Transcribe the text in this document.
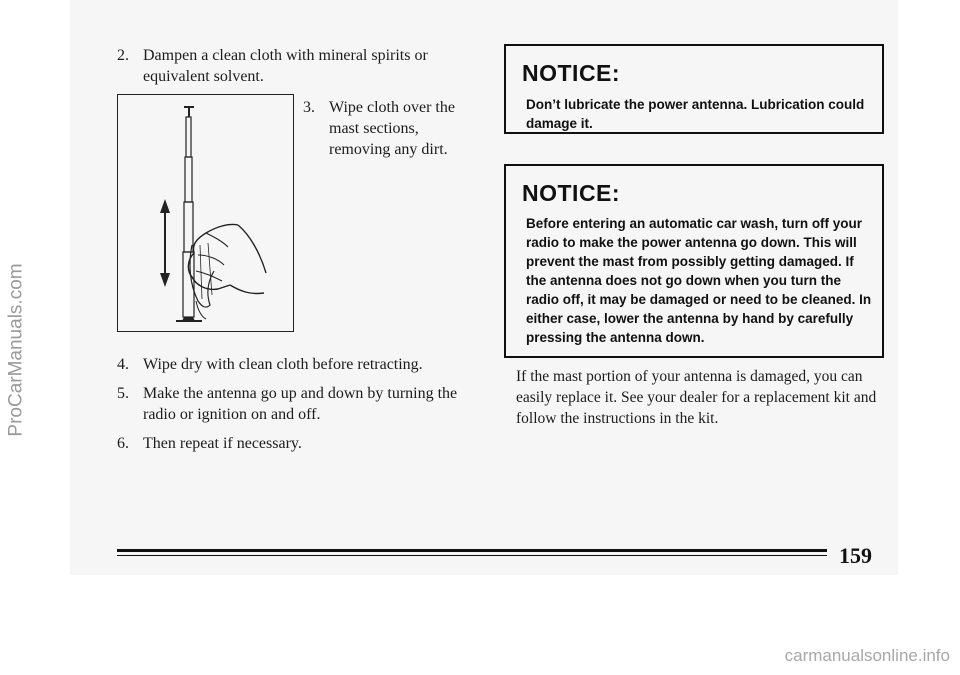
ProCarManuals.com
2. Dampen a clean cloth with mineral spirits or equivalent solvent.
3. Wipe cloth over the mast sections, removing any dirt.
4. Wipe dry with clean cloth before retracting.
5. Make the antenna go up and down by turning the radio or ignition on and off.
6. Then repeat if necessary.
NOTICE:
Don’t lubricate the power antenna. Lubrication could damage it.
NOTICE:
Before entering an automatic car wash, turn off your radio to make the power antenna go down. This will prevent the mast from possibly getting damaged. If the antenna does not go down when you turn the radio off, it may be damaged or need to be cleaned. In either case, lower the antenna by hand by carefully pressing the antenna down.
If the mast portion of your antenna is damaged, you can easily replace it. See your dealer for a replacement kit and follow the instructions in the kit.
159
carmanualsonline.info
